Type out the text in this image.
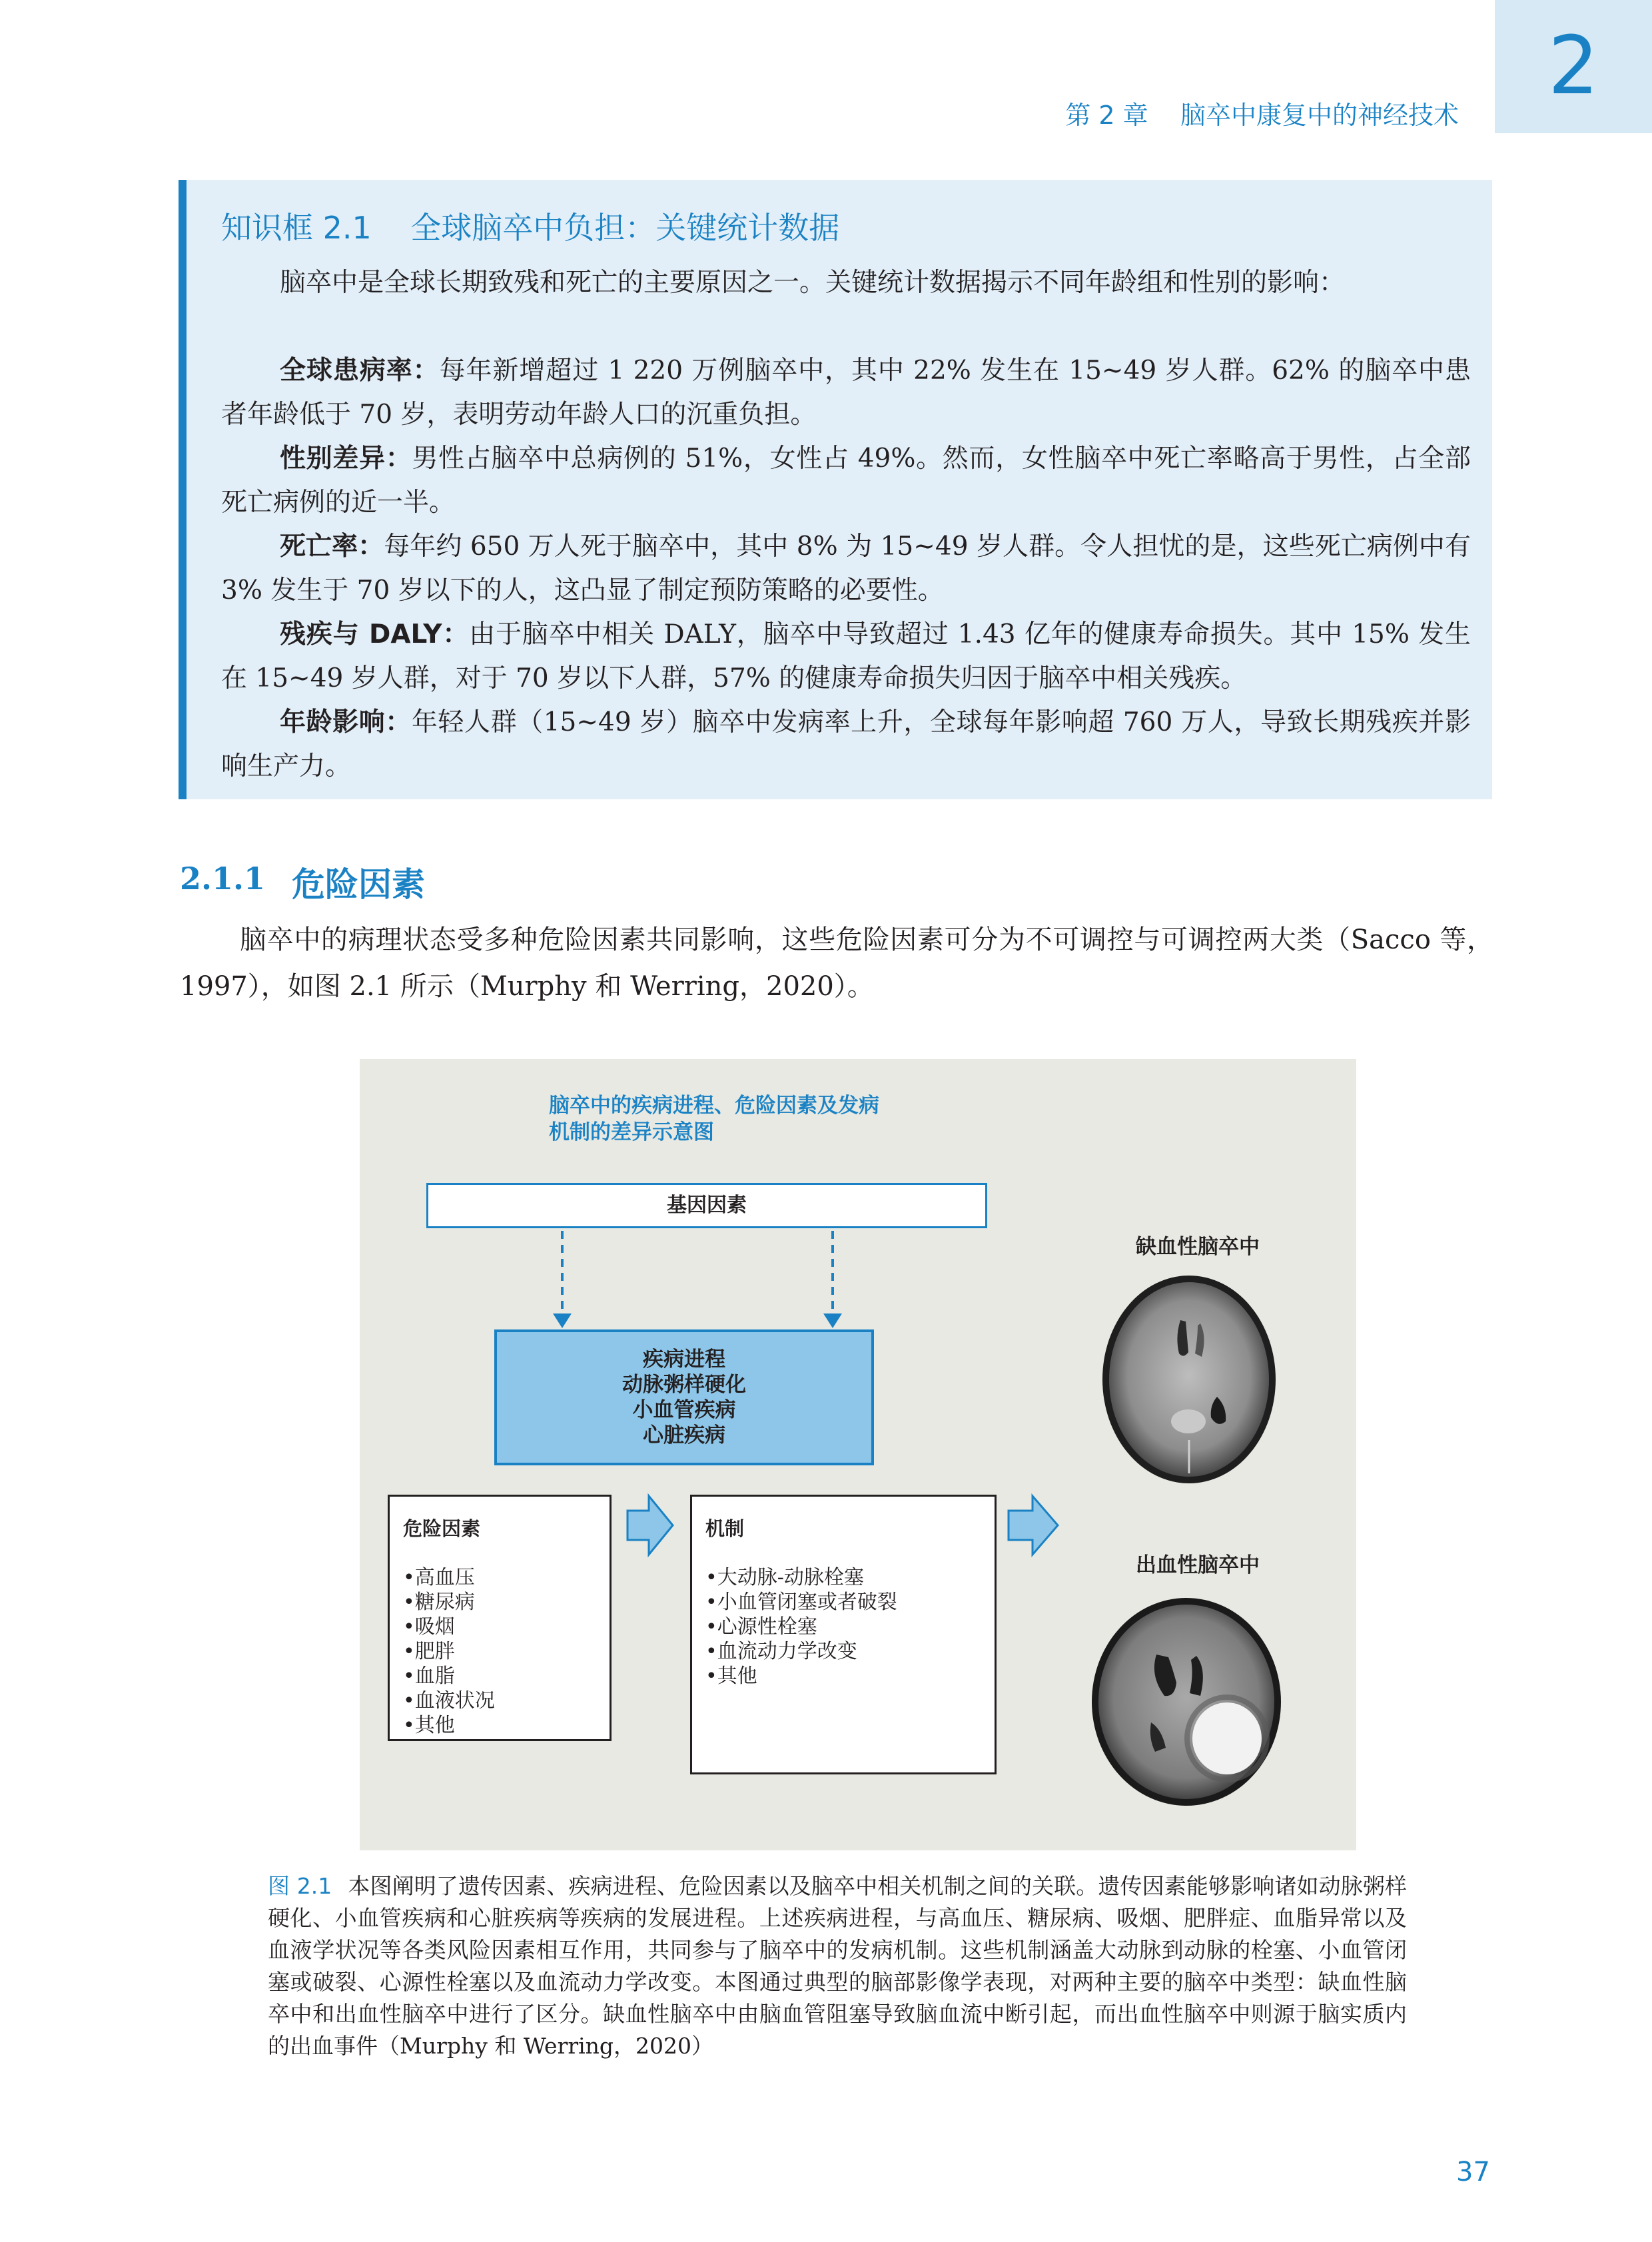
2
第 2 章    脑卒中康复中的神经技术
知识框 2.1    全球脑卒中负担：关键统计数据
脑卒中是全球长期致残和死亡的主要原因之一。关键统计数据揭示不同年龄组和性别的影响：
全球患病率：每年新增超过 1 220 万例脑卒中，其中 22% 发生在 15~49 岁人群。62% 的脑卒中患者年龄低于 70 岁，表明劳动年龄人口的沉重负担。
性别差异：男性占脑卒中总病例的 51%，女性占 49%。然而，女性脑卒中死亡率略高于男性，占全部死亡病例的近一半。
死亡率：每年约 650 万人死于脑卒中，其中 8% 为 15~49 岁人群。令人担忧的是，这些死亡病例中有 3% 发生于 70 岁以下的人，这凸显了制定预防策略的必要性。
残疾与 DALY：由于脑卒中相关 DALY，脑卒中导致超过 1.43 亿年的健康寿命损失。其中 15% 发生在 15~49 岁人群，对于 70 岁以下人群，57% 的健康寿命损失归因于脑卒中相关残疾。
年龄影响：年轻人群（15~49 岁）脑卒中发病率上升，全球每年影响超 760 万人，导致长期残疾并影响生产力。
2.1.1 危险因素
脑卒中的病理状态受多种危险因素共同影响，这些危险因素可分为不可调控与可调控两大类（Sacco 等，1997），如图 2.1 所示（Murphy 和 Werring，2020）。
脑卒中的疾病进程、危险因素及发病机制的差异示意图
基因因素
疾病进程
动脉粥样硬化
小血管疾病
心脏疾病
危险因素
• 高血压
• 糖尿病
• 吸烟
• 肥胖
• 血脂
• 血液状况
• 其他
机制
• 大动脉-动脉栓塞
• 小血管闭塞或者破裂
• 心源性栓塞
• 血流动力学改变
• 其他
缺血性脑卒中
出血性脑卒中
图 2.1 本图阐明了遗传因素、疾病进程、危险因素以及脑卒中相关机制之间的关联。遗传因素能够影响诸如动脉粥样硬化、小血管疾病和心脏疾病等疾病的发展进程。上述疾病进程，与高血压、糖尿病、吸烟、肥胖症、血脂异常以及血液学状况等各类风险因素相互作用，共同参与了脑卒中的发病机制。这些机制涵盖大动脉到动脉的栓塞、小血管闭塞或破裂、心源性栓塞以及血流动力学改变。本图通过典型的脑部影像学表现，对两种主要的脑卒中类型：缺血性脑卒中和出血性脑卒中进行了区分。缺血性脑卒中由脑血管阻塞导致脑血流中断引起，而出血性脑卒中则源于脑实质内的出血事件（Murphy 和 Werring，2020）
37
